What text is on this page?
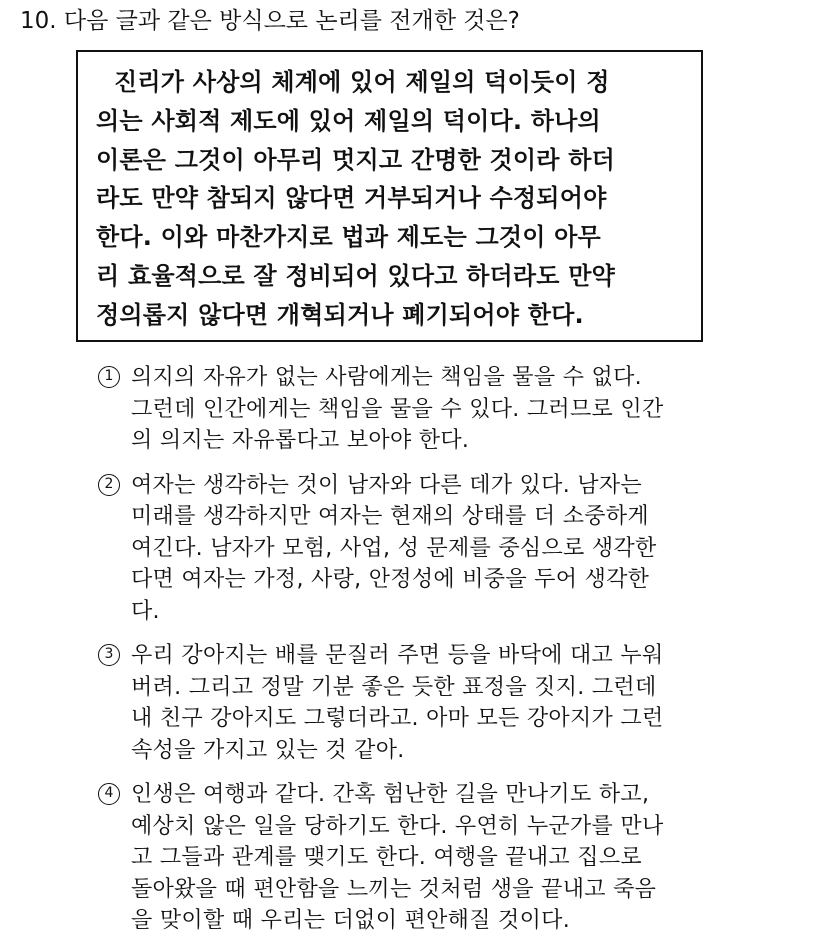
10. 다음 글과 같은 방식으로 논리를 전개한 것은?
진리가 사상의 체계에 있어 제일의 덕이듯이 정
의는 사회적 제도에 있어 제일의 덕이다. 하나의
이론은 그것이 아무리 멋지고 간명한 것이라 하더
라도 만약 참되지 않다면 거부되거나 수정되어야
한다. 이와 마찬가지로 법과 제도는 그것이 아무
리 효율적으로 잘 정비되어 있다고 하더라도 만약
정의롭지 않다면 개혁되거나 폐기되어야 한다.
1 의지의 자유가 없는 사람에게는 책임을 물을 수 없다.
그런데 인간에게는 책임을 물을 수 있다. 그러므로 인간
의 의지는 자유롭다고 보아야 한다.
2 여자는 생각하는 것이 남자와 다른 데가 있다. 남자는
미래를 생각하지만 여자는 현재의 상태를 더 소중하게
여긴다. 남자가 모험, 사업, 성 문제를 중심으로 생각한
다면 여자는 가정, 사랑, 안정성에 비중을 두어 생각한
다.
3 우리 강아지는 배를 문질러 주면 등을 바닥에 대고 누워
버려. 그리고 정말 기분 좋은 듯한 표정을 짓지. 그런데
내 친구 강아지도 그렇더라고. 아마 모든 강아지가 그런
속성을 가지고 있는 것 같아.
4 인생은 여행과 같다. 간혹 험난한 길을 만나기도 하고,
예상치 않은 일을 당하기도 한다. 우연히 누군가를 만나
고 그들과 관계를 맺기도 한다. 여행을 끝내고 집으로
돌아왔을 때 편안함을 느끼는 것처럼 생을 끝내고 죽음
을 맞이할 때 우리는 더없이 편안해질 것이다.
